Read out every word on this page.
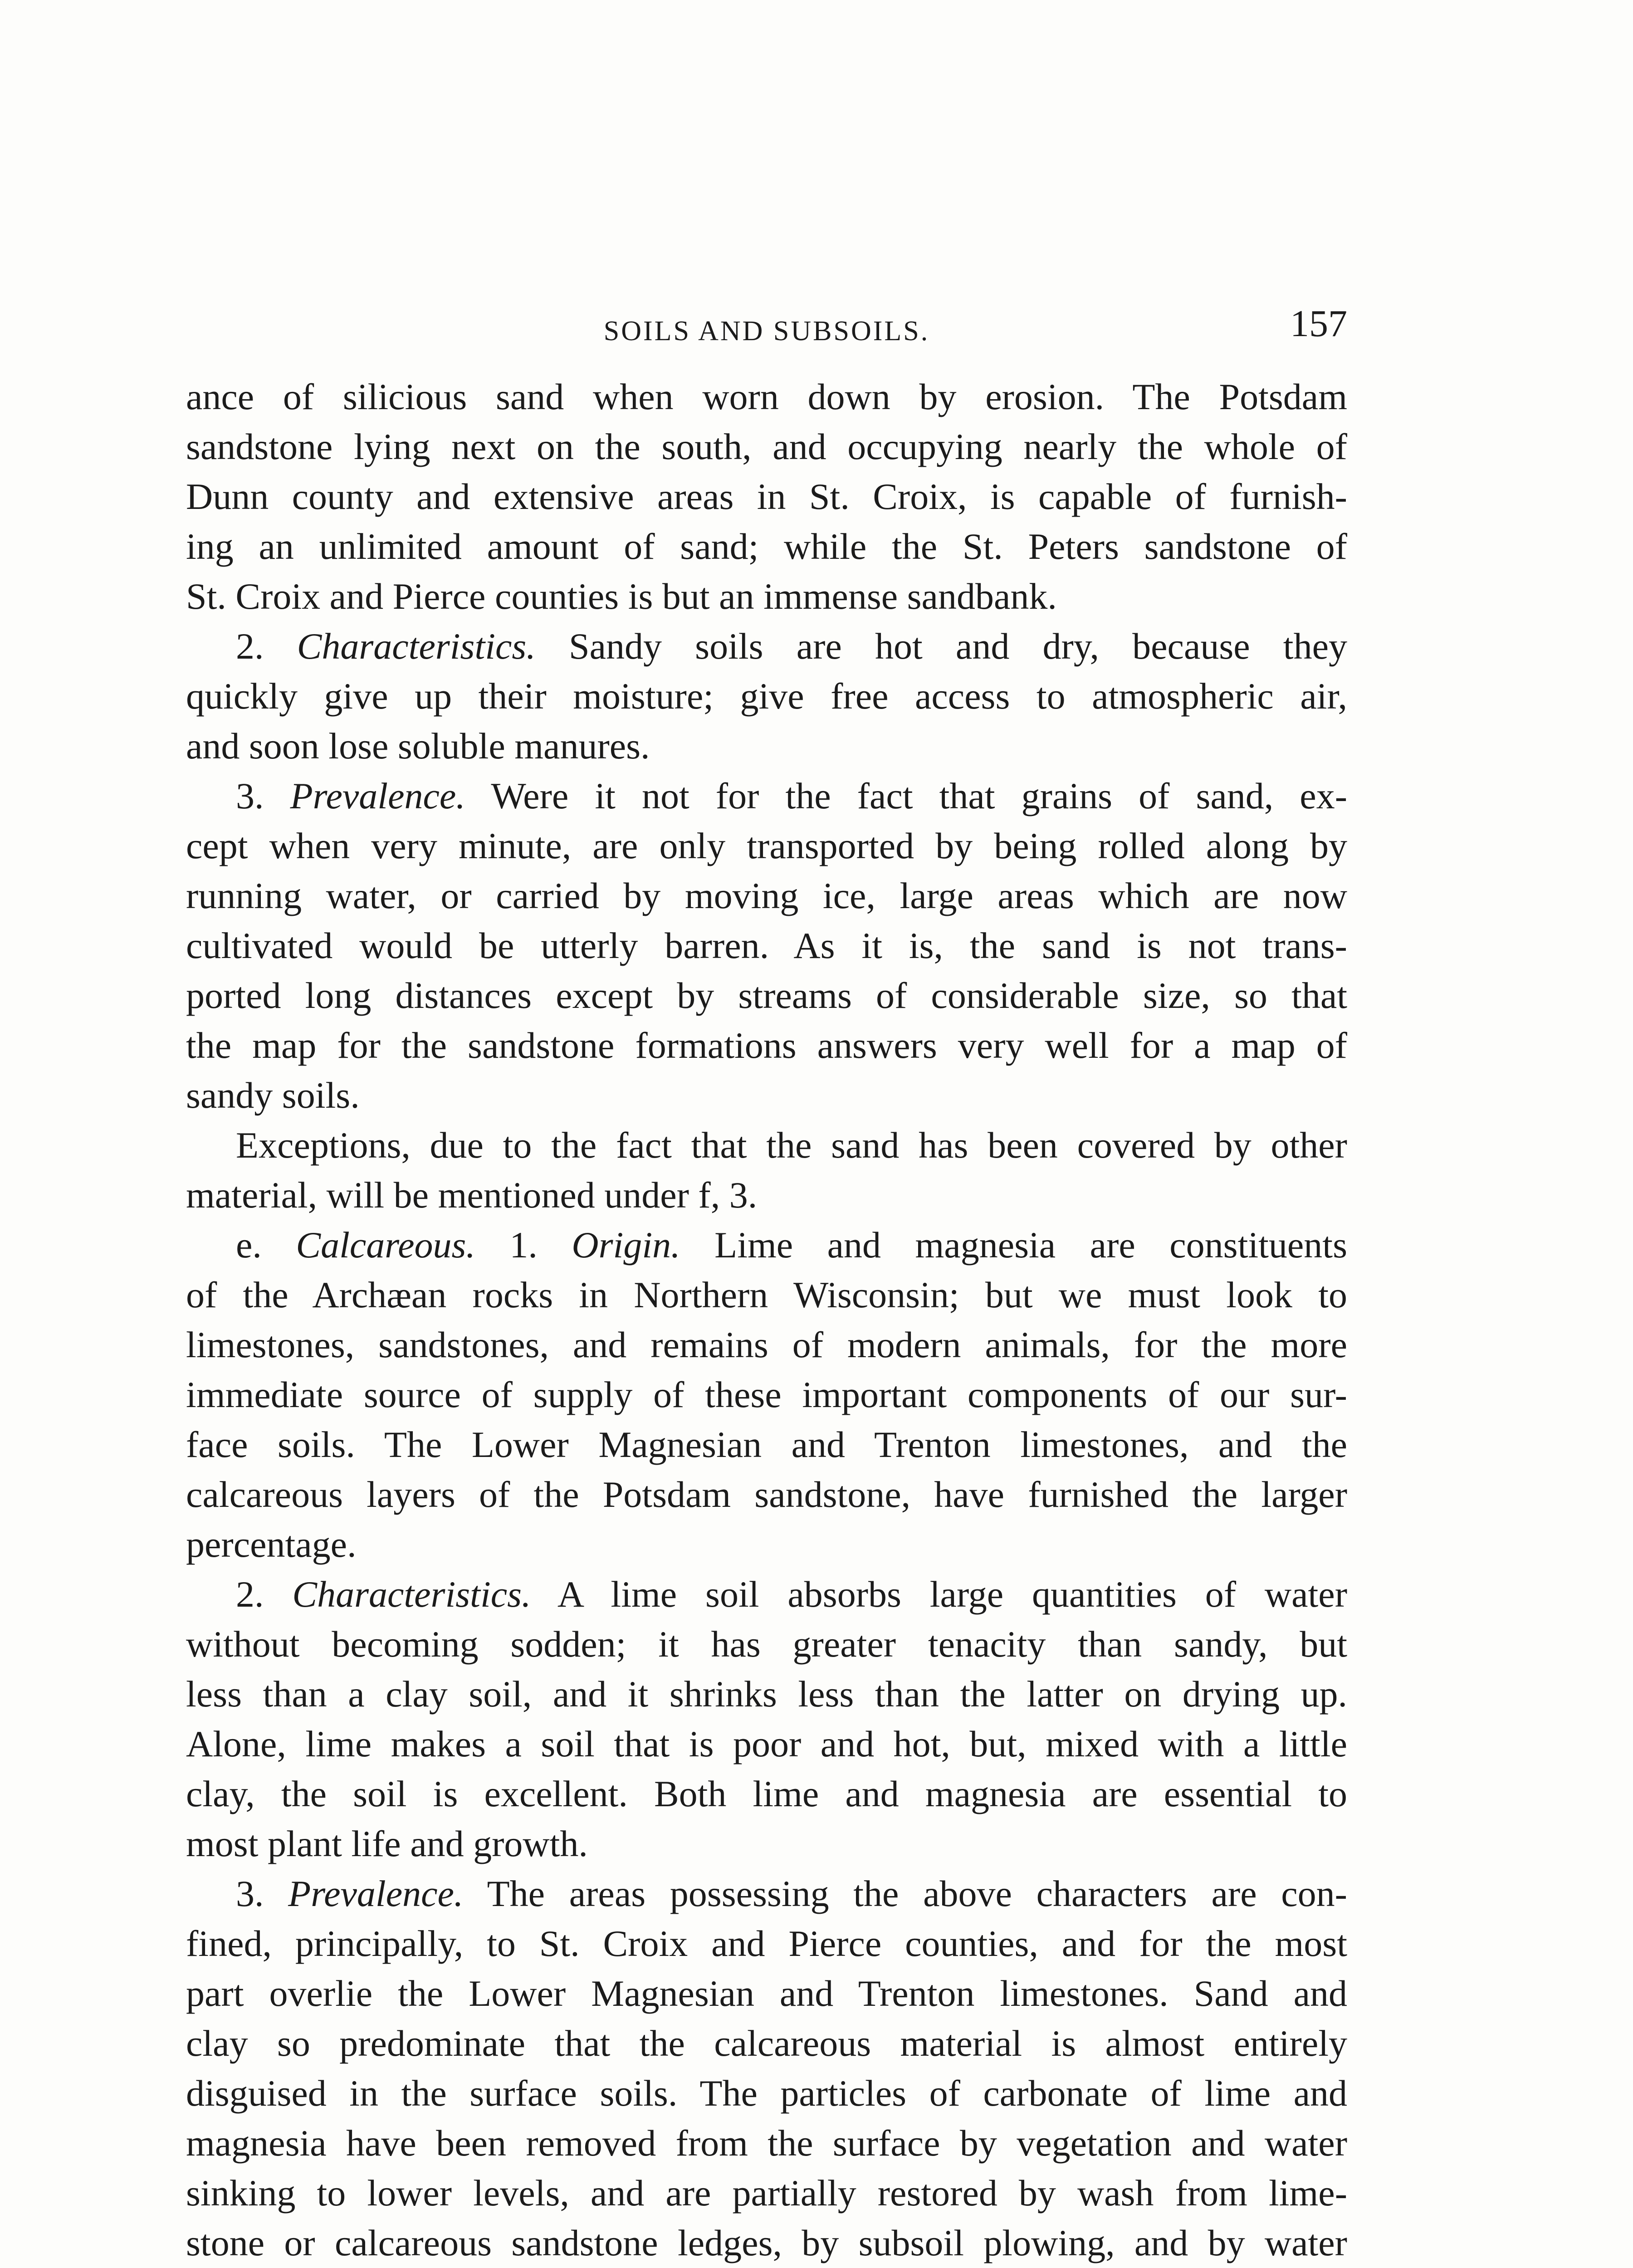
SOILS AND SUBSOILS.	157
ance of silicious sand when worn down by erosion. The Potsdam
sandstone lying next on the south, and occupying nearly the whole of
Dunn county and extensive areas in St. Croix, is capable of furnish-
ing an unlimited amount of sand; while the St. Peters sandstone of
St. Croix and Pierce counties is but an immense sandbank.
2. Characteristics. Sandy soils are hot and dry, because they
quickly give up their moisture; give free access to atmospheric air,
and soon lose soluble manures.
3. Prevalence. Were it not for the fact that grains of sand, ex-
cept when very minute, are only transported by being rolled along by
running water, or carried by moving ice, large areas which are now
cultivated would be utterly barren. As it is, the sand is not trans-
ported long distances except by streams of considerable size, so that
the map for the sandstone formations answers very well for a map of
sandy soils.
Exceptions, due to the fact that the sand has been covered by other
material, will be mentioned under f, 3.
e. Calcareous. 1. Origin. Lime and magnesia are constituents
of the Archæan rocks in Northern Wisconsin; but we must look to
limestones, sandstones, and remains of modern animals, for the more
immediate source of supply of these important components of our sur-
face soils. The Lower Magnesian and Trenton limestones, and the
calcareous layers of the Potsdam sandstone, have furnished the larger
percentage.
2. Characteristics. A lime soil absorbs large quantities of water
without becoming sodden; it has greater tenacity than sandy, but
less than a clay soil, and it shrinks less than the latter on drying up.
Alone, lime makes a soil that is poor and hot, but, mixed with a little
clay, the soil is excellent. Both lime and magnesia are essential to
most plant life and growth.
3. Prevalence. The areas possessing the above characters are con-
fined, principally, to St. Croix and Pierce counties, and for the most
part overlie the Lower Magnesian and Trenton limestones. Sand and
clay so predominate that the calcareous material is almost entirely
disguised in the surface soils. The particles of carbonate of lime and
magnesia have been removed from the surface by vegetation and water
sinking to lower levels, and are partially restored by wash from lime-
stone or calcareous sandstone ledges, by subsoil plowing, and by water
